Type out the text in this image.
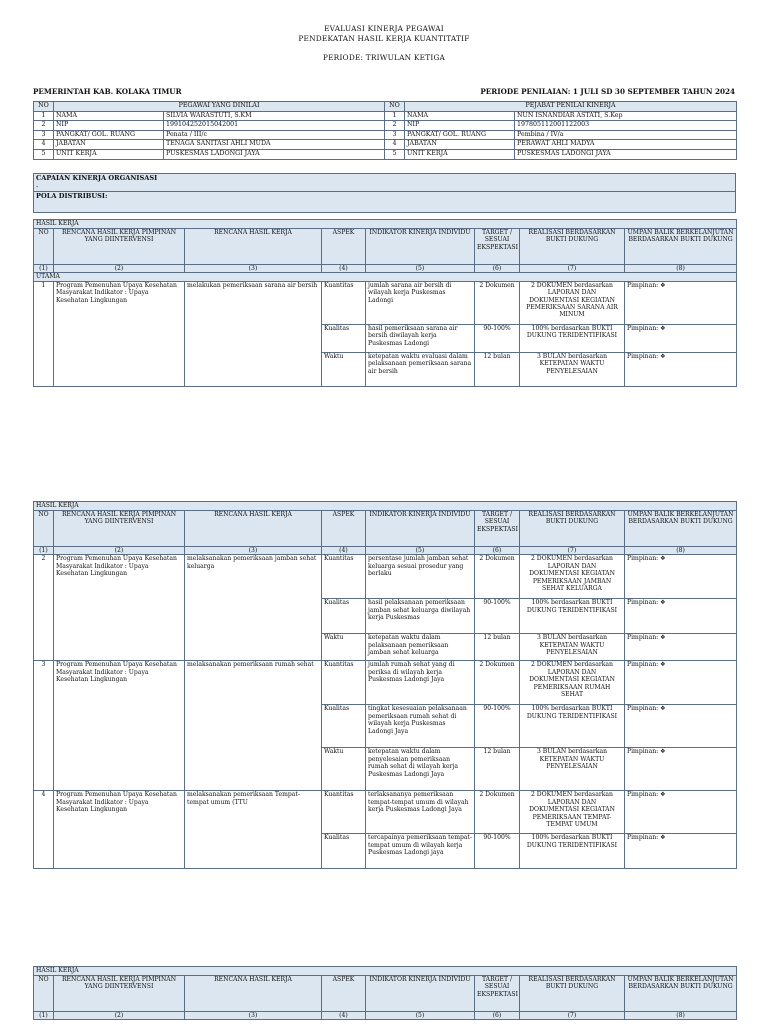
EVALUASI KINERJA PEGAWAI
PENDEKATAN HASIL KERJA KUANTITATIF
PERIODE: TRIWULAN KETIGA
PEMERINTAH KAB. KOLAKA TIMUR	PERIODE PENILAIAN: 1 JULI SD 30 SEPTEMBER TAHUN 2024
NO	PEGAWAI YANG DINILAI		NO	PEJABAT PENILAI KINERJA	
1	NAMA	SILVIA WARASTUTI, S.KM	1	NAMA	NUN ISNANDIAR ASTATI, S.Kep
2	NIP	199104252015042001	2	NIP	197805112001122003
3	PANGKAT/ GOL. RUANG	Penata / III/c	3	PANGKAT/ GOL. RUANG	Pembina / IV/a
4	JABATAN	TENAGA SANITASI AHLI MUDA	4	JABATAN	PERAWAT AHLI MADYA
5	UNIT KERJA	PUSKESMAS LADONGI JAYA	5	UNIT KERJA	PUSKESMAS LADONGI JAYA
CAPAIAN KINERJA ORGANISASI
-

POLA DISTRIBUSI:
HASIL KERJA							
NO	RENCANA HASIL KERJA PIMPINAN YANG DIINTERVENSI	RENCANA HASIL KERJA	ASPEK	INDIKATOR KINERJA INDIVIDU	TARGET / SESUAI EKSPEKTASI	REALISASI BERDASARKAN BUKTI DUKUNG	UMPAN BALIK BERKELANJUTAN BERDASARKAN BUKTI DUKUNG
(1)	(2)	(3)	(4)	(5)	(6)	(7)	(8)
UTAMA							
1	Program Pemenuhan Upaya Kesehatan Masyarakat Indikator : Upaya Kesehatan Lingkungan	melakukan pemeriksaan sarana air bersih	Kuantitas	jumlah sarana air bersih di wilayah kerja Puskesmas Ladongi	2 Dokumen	2 DOKUMEN berdasarkan LAPORAN DAN DOKUMENTASI KEGIATAN PEMERIKSAAN SARANA AIR MINUM	Pimpinan: ❖
			Kualitas	hasil pemeriksaan sarana air bersih diwilayah kerja Puskesmas Ladongi	90-100%	100% berdasarkan BUKTI DUKUNG TERIDENTIFIKASI	Pimpinan: ❖
			Waktu	ketepatan waktu evaluasi dalam pelaksanaan pemeriksaan sarana air bersih	12 bulan	3 BULAN berdasarkan KETEPATAN WAKTU PENYELESAIAN	Pimpinan: ❖
HASIL KERJA							
NO	RENCANA HASIL KERJA PIMPINAN YANG DIINTERVENSI	RENCANA HASIL KERJA	ASPEK	INDIKATOR KINERJA INDIVIDU	TARGET / SESUAI EKSPEKTASI	REALISASI BERDASARKAN BUKTI DUKUNG	UMPAN BALIK BERKELANJUTAN BERDASARKAN BUKTI DUKUNG
(1)	(2)	(3)	(4)	(5)	(6)	(7)	(8)
2	Program Pemenuhan Upaya Kesehatan Masyarakat Indikator : Upaya Kesehatan Lingkungan	melaksanakan pemeriksaan jamban sehat keluarga	Kuantitas	persentase jumlah jamban sehat keluarga sesuai prosedur yang berlaku	2 Dokumen	2 DOKUMEN berdasarkan LAPORAN DAN DOKUMENTASI KEGIATAN PEMERIKSAAN JAMBAN SEHAT KELUARGA	Pimpinan: ❖
			Kualitas	hasil pelaksanaan pemeriksaan jamban sehat keluarga diwilayah kerja Puskesmas	90-100%	100% berdasarkan BUKTI DUKUNG TERIDENTIFIKASI	Pimpinan: ❖
			Waktu	ketepatan waktu dalam pelaksanaan pemeriksaan jamban sehat keluarga	12 bulan	3 BULAN berdasarkan KETEPATAN WAKTU PENYELESAIAN	Pimpinan: ❖
3	Program Pemenuhan Upaya Kesehatan Masyarakat Indikator : Upaya Kesehatan Lingkungan	melaksanakan pemeriksaan rumah sehat	Kuantitas	jumlah rumah sehat yang di periksa di wilayah kerja Puskesmas Ladongi Jaya	2 Dokumen	2 DOKUMEN berdasarkan LAPORAN DAN DOKUMENTASI KEGIATAN PEMERIKSAAN RUMAH SEHAT	Pimpinan: ❖
			Kualitas	tingkat kesesuaian pelaksanaan pemeriksaan rumah sehat di wilayah kerja Puskesmas Ladongi Jaya	90-100%	100% berdasarkan BUKTI DUKUNG TERIDENTIFIKASI	Pimpinan: ❖
			Waktu	ketepatan waktu dalam penyelesaian pemeriksaan rumah sehat di wilayah kerja Puskesmas Ladongi Jaya	12 bulan	3 BULAN berdasarkan KETEPATAN WAKTU PENYELESAIAN	Pimpinan: ❖
4	Program Pemenuhan Upaya Kesehatan Masyarakat Indikator : Upaya Kesehatan Lingkungan	melaksanakan pemeriksaan Tempat-tempat umum (TTU	Kuantitas	terlaksananya pemeriksaan tempat-tempat umum di wilayah kerja Puskesmas Ladongi Jaya	2 Dokumen	2 DOKUMEN berdasarkan LAPORAN DAN DOKUMENTASI KEGIATAN PEMERIKSAAN TEMPAT-TEMPAT UMUM	Pimpinan: ❖
			Kualitas	tercapainya pemeriksaan tempat-tempat umum di wilayah kerja Puskesmas Ladongi jaya	90-100%	100% berdasarkan BUKTI DUKUNG TERIDENTIFIKASI	Pimpinan: ❖
HASIL KERJA							
NO	RENCANA HASIL KERJA PIMPINAN YANG DIINTERVENSI	RENCANA HASIL KERJA	ASPEK	INDIKATOR KINERJA INDIVIDU	TARGET / SESUAI EKSPEKTASI	REALISASI BERDASARKAN BUKTI DUKUNG	UMPAN BALIK BERKELANJUTAN BERDASARKAN BUKTI DUKUNG
(1)	(2)	(3)	(4)	(5)	(6)	(7)	(8)
